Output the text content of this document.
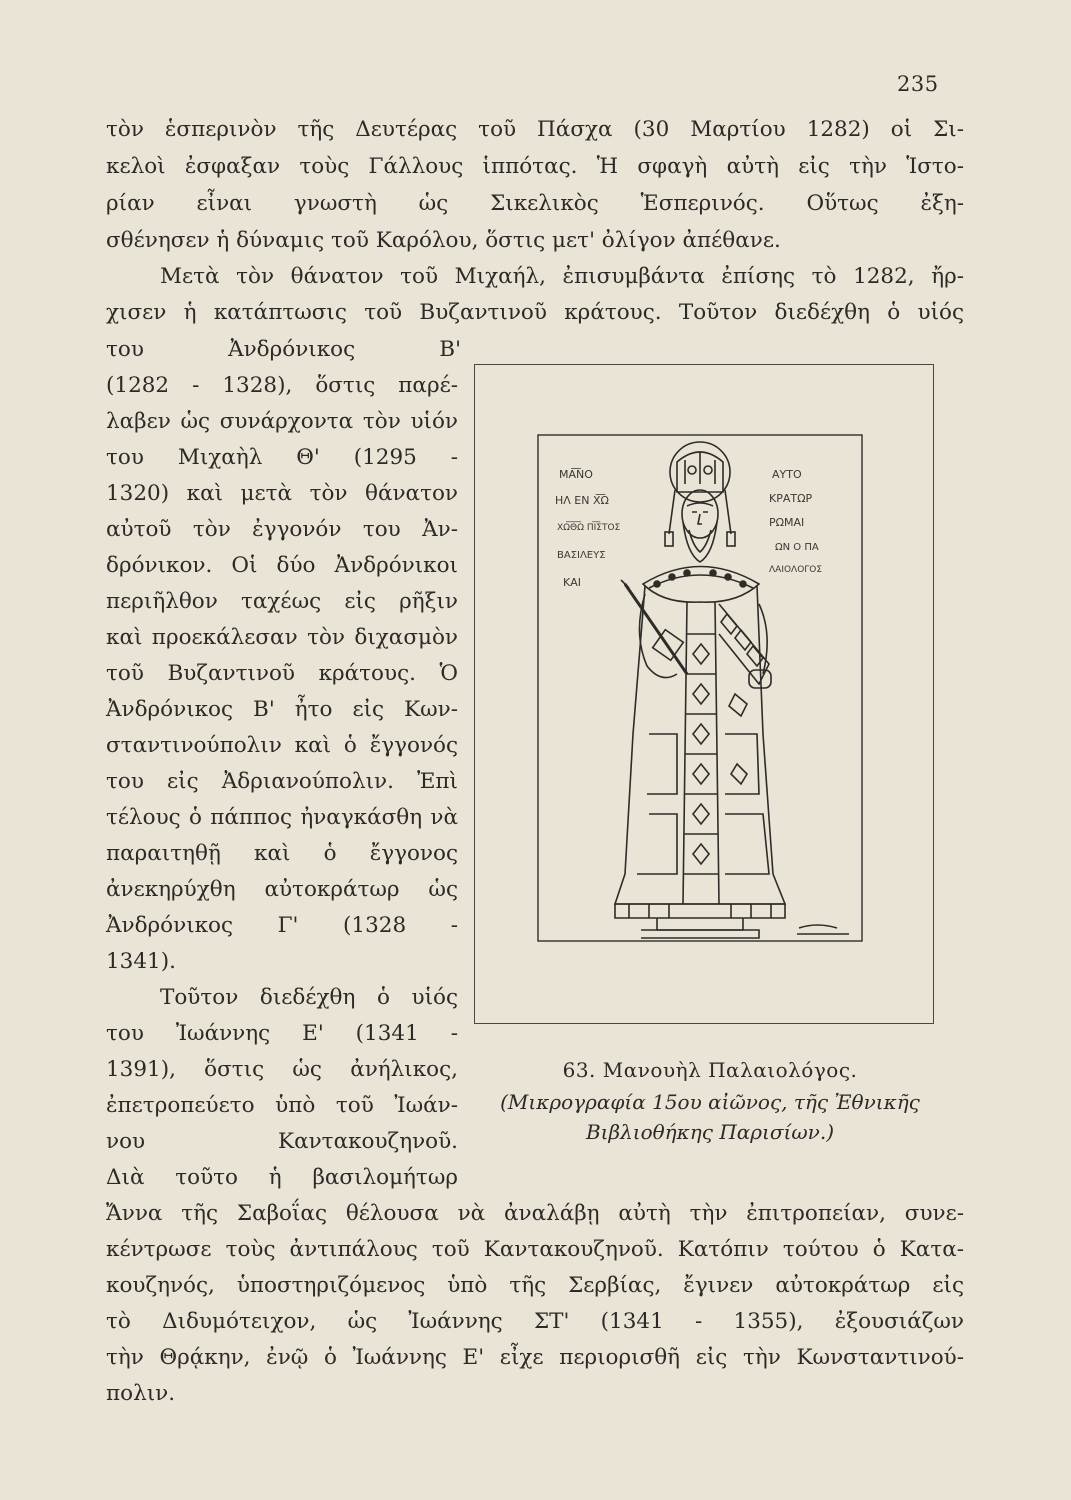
235
τὸν ἑσπερινὸν τῆς Δευτέρας τοῦ Πάσχα (30 Μαρτίου 1282) οἱ Σι-
κελοὶ ἐσφαξαν τοὺς Γάλλους ἱππότας. Ἡ σφαγὴ αὐτὴ εἰς τὴν Ἱστο-
ρίαν εἶναι γνωστὴ ὡς Σικελικὸς Ἑσπερινός. Οὕτως ἐξη-
σθένησεν ἡ δύναμις τοῦ Καρόλου, ὅστις μετ' ὀλίγον ἀπέθανε.
Μετὰ τὸν θάνατον τοῦ Μιχαήλ, ἐπισυμβάντα ἐπίσης τὸ 1282, ἤρ-
χισεν ἡ κατάπτωσις τοῦ Βυζαντινοῦ κράτους. Τοῦτον διεδέχθη ὁ υἱός
του Ἀνδρόνικος Β'
(1282 - 1328), ὅστις παρέ-
λαβεν ὡς συνάρχοντα τὸν υἱόν
του Μιχαὴλ Θ' (1295 -
1320) καὶ μετὰ τὸν θάνατον
αὐτοῦ τὸν ἐγγονόν του Ἀν-
δρόνικον. Οἱ δύο Ἀνδρόνικοι
περιῆλθον ταχέως εἰς ρῆξιν
καὶ προεκάλεσαν τὸν διχασμὸν
τοῦ Βυζαντινοῦ κράτους. Ὁ
Ἀνδρόνικος Β' ἦτο εἰς Κων-
σταντινούπολιν καὶ ὁ ἔγγονός
του εἰς Ἀδριανούπολιν. Ἐπὶ
τέλους ὁ πάππος ἠναγκάσθη νὰ
παραιτηθῇ καὶ ὁ ἔγγονος
ἀνεκηρύχθη αὐτοκράτωρ ὡς
Ἀνδρόνικος Γ' (1328 -
1341).
Τοῦτον διεδέχθη ὁ υἱός
του Ἰωάννης Ε' (1341 -
1391), ὅστις ὡς ἀνήλικος,
ἐπετροπεύετο ὑπὸ τοῦ Ἰωάν-
νου Καντακουζηνοῦ.
Διὰ τοῦτο ἡ βασιλομήτωρ
Ἄννα τῆς Σαβοΐας θέλουσα νὰ ἀναλάβῃ αὐτὴ τὴν ἐπιτροπείαν, συνε-
κέντρωσε τοὺς ἀντιπάλους τοῦ Καντακουζηνοῦ. Κατόπιν τούτου ὁ Κατα-
κουζηνός, ὑποστηριζόμενος ὑπὸ τῆς Σερβίας, ἔγινεν αὐτοκράτωρ εἰς
τὸ Διδυμότειχον, ὡς Ἰωάννης ΣΤ' (1341 - 1355), ἐξουσιάζων
τὴν Θρᾴκην, ἐνῷ ὁ Ἰωάννης Ε' εἶχε περιορισθῆ εἰς τὴν Κωνσταντινού-
πολιν.
ΜΑ͞ΝΟ
ΗΛ ΕΝ Χ͞Ω
ΧΩ͞Θ͞Ω ΠΙ͞ΣΤΟΣ
ΒΑΣΙΛΕΥΣ
ΚΑΙ
ΑΥΤΟ
ΚΡΑΤΩΡ
ΡΩΜΑΙ
ΩΝ Ο ΠΑ
ΛΑΙΟΛΟΓΟΣ
63. Μανουὴλ Παλαιολόγος.
(Μικρογραφία 15ου αἰῶνος, τῆς Ἐθνικῆς
Βιβλιοθήκης Παρισίων.)
